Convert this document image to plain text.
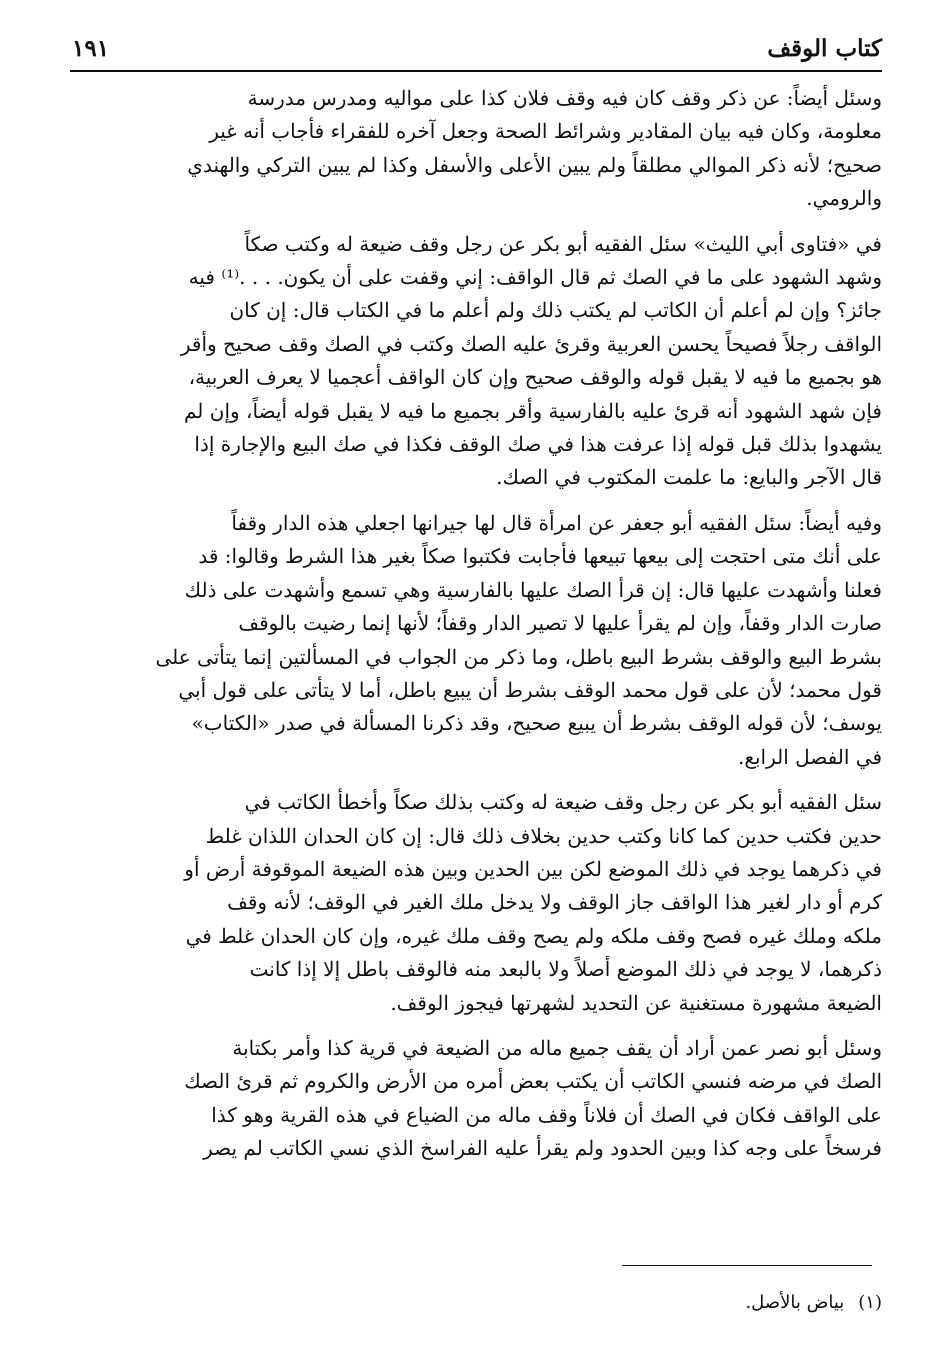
كتاب الوقف
١٩١

وسئل أيضاً: عن ذكر وقف كان فيه وقف فلان كذا على مواليه ومدرس مدرسة
معلومة، وكان فيه بيان المقادير وشرائط الصحة وجعل آخره للفقراء فأجاب أنه غير
صحيح؛ لأنه ذكر الموالي مطلقاً ولم يبين الأعلى والأسفل وكذا لم يبين التركي والهندي
والرومي.

في «فتاوى أبي الليث» سئل الفقيه أبو بكر عن رجل وقف ضيعة له وكتب صكاً
وشهد الشهود على ما في الصك ثم قال الواقف: إني وقفت على أن يكون. . . .⁽¹⁾ فيه
جائز؟ وإن لم أعلم أن الكاتب لم يكتب ذلك ولم أعلم ما في الكتاب قال: إن كان
الواقف رجلاً فصيحاً يحسن العربية وقرئ عليه الصك وكتب في الصك وقف صحيح وأقر
هو بجميع ما فيه لا يقبل قوله والوقف صحيح وإن كان الواقف أعجميا لا يعرف العربية،
فإن شهد الشهود أنه قرئ عليه بالفارسية وأقر بجميع ما فيه لا يقبل قوله أيضاً، وإن لم
يشهدوا بذلك قبل قوله إذا عرفت هذا في صك الوقف فكذا في صك البيع والإجارة إذا
قال الآجر والبايع: ما علمت المكتوب في الصك.

وفيه أيضاً: سئل الفقيه أبو جعفر عن امرأة قال لها جيرانها اجعلي هذه الدار وقفاً
على أنك متى احتجت إلى بيعها تبيعها فأجابت فكتبوا صكاً بغير هذا الشرط وقالوا: قد
فعلنا وأشهدت عليها قال: إن قرأ الصك عليها بالفارسية وهي تسمع وأشهدت على ذلك
صارت الدار وقفاً، وإن لم يقرأ عليها لا تصير الدار وقفاً؛ لأنها إنما رضيت بالوقف
بشرط البيع والوقف بشرط البيع باطل، وما ذكر من الجواب في المسألتين إنما يتأتى على
قول محمد؛ لأن على قول محمد الوقف بشرط أن يبيع باطل، أما لا يتأتى على قول أبي
يوسف؛ لأن قوله الوقف بشرط أن يبيع صحيح، وقد ذكرنا المسألة في صدر «الكتاب»
في الفصل الرابع.

سئل الفقيه أبو بكر عن رجل وقف ضيعة له وكتب بذلك صكاً وأخطأ الكاتب في
حدين فكتب حدين كما كانا وكتب حدين بخلاف ذلك قال: إن كان الحدان اللذان غلط
في ذكرهما يوجد في ذلك الموضع لكن بين الحدين وبين هذه الضيعة الموقوفة أرض أو
كرم أو دار لغير هذا الواقف جاز الوقف ولا يدخل ملك الغير في الوقف؛ لأنه وقف
ملكه وملك غيره فصح وقف ملكه ولم يصح وقف ملك غيره، وإن كان الحدان غلط في
ذكرهما، لا يوجد في ذلك الموضع أصلاً ولا بالبعد منه فالوقف باطل إلا إذا كانت
الضيعة مشهورة مستغنية عن التحديد لشهرتها فيجوز الوقف.

وسئل أبو نصر عمن أراد أن يقف جميع ماله من الضيعة في قرية كذا وأمر بكتابة
الصك في مرضه فنسي الكاتب أن يكتب بعض أمره من الأرض والكروم ثم قرئ الصك
على الواقف فكان في الصك أن فلاناً وقف ماله من الضياع في هذه القرية وهو كذا
فرسخاً على وجه كذا وبين الحدود ولم يقرأ عليه الفراسخ الذي نسي الكاتب لم يصر

(١)بياض بالأصل.
